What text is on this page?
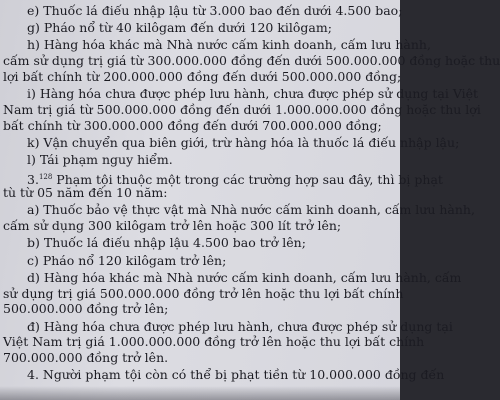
e) Thuốc lá điếu nhập lậu từ 3.000 bao đến dưới 4.500 bao;
g) Pháo nổ từ 40 kilôgam đến dưới 120 kilôgam;
h) Hàng hóa khác mà Nhà nước cấm kinh doanh, cấm lưu hành,
cấm sử dụng trị giá từ 300.000.000 đồng đến dưới 500.000.000 đồng hoặc thu
lợi bất chính từ 200.000.000 đồng đến dưới 500.000.000 đồng;
i) Hàng hóa chưa được phép lưu hành, chưa được phép sử dụng tại Việt
Nam trị giá từ 500.000.000 đồng đến dưới 1.000.000.000 đồng hoặc thu lợi
bất chính từ 300.000.000 đồng đến dưới 700.000.000 đồng;
k) Vận chuyển qua biên giới, trừ hàng hóa là thuốc lá điếu nhập lậu;
l) Tái phạm nguy hiểm.
3.$^{128}$ Phạm tội thuộc một trong các trường hợp sau đây, thì bị phạt
tù từ 05 năm đến 10 năm:
a) Thuốc bảo vệ thực vật mà Nhà nước cấm kinh doanh, cấm lưu hành,
cấm sử dụng 300 kilôgam trở lên hoặc 300 lít trở lên;
b) Thuốc lá điếu nhập lậu 4.500 bao trở lên;
c) Pháo nổ 120 kilôgam trở lên;
d) Hàng hóa khác mà Nhà nước cấm kinh doanh, cấm lưu hành, cấm
sử dụng trị giá 500.000.000 đồng trở lên hoặc thu lợi bất chính
500.000.000 đồng trở lên;
đ) Hàng hóa chưa được phép lưu hành, chưa được phép sử dụng tại
Việt Nam trị giá 1.000.000.000 đồng trở lên hoặc thu lợi bất chính
700.000.000 đồng trở lên.
4. Người phạm tội còn có thể bị phạt tiền từ 10.000.000 đồng đến
